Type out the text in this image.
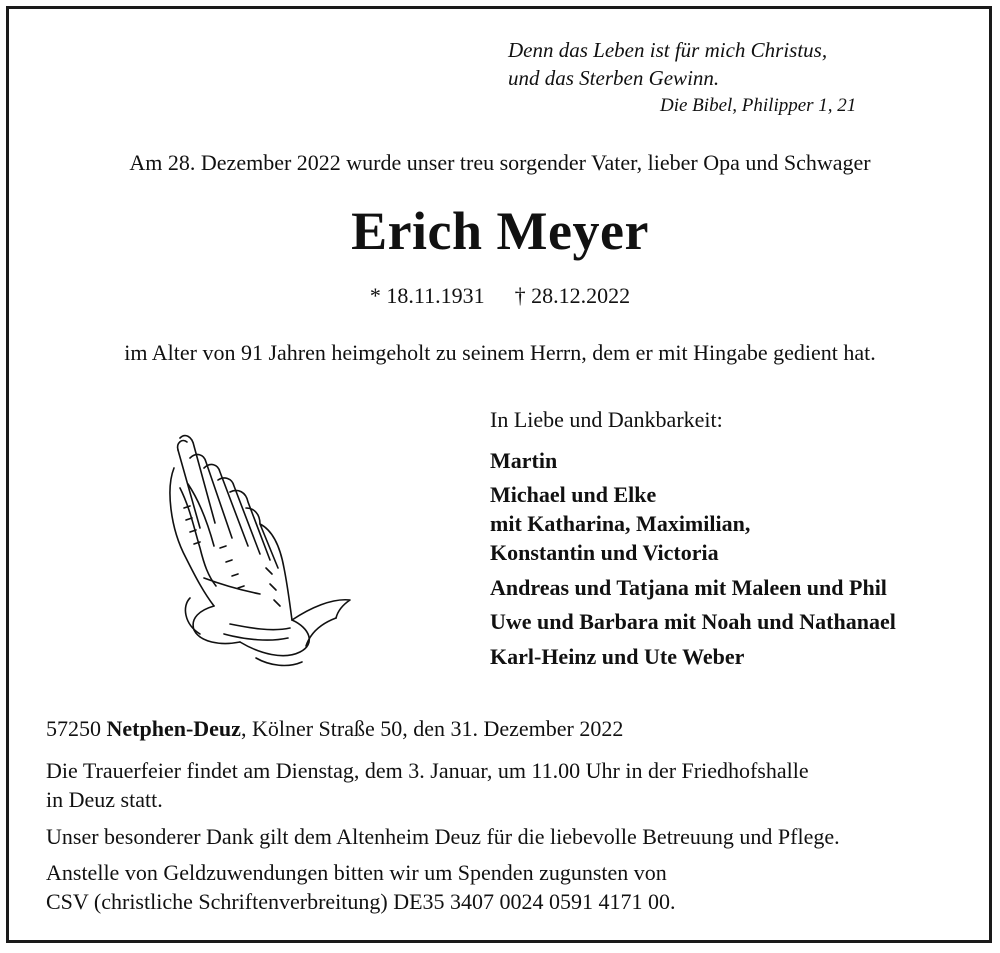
Denn das Leben ist für mich Christus,
und das Sterben Gewinn.
Die Bibel, Philipper 1, 21
Am 28. Dezember 2022 wurde unser treu sorgender Vater, lieber Opa und Schwager
Erich Meyer
* 18.11.1931 † 28.12.2022
im Alter von 91 Jahren heimgeholt zu seinem Herrn, dem er mit Hingabe gedient hat.
In Liebe und Dankbarkeit:
Martin
Michael und Elke
mit Katharina, Maximilian,
Konstantin und Victoria
Andreas und Tatjana mit Maleen und Phil
Uwe und Barbara mit Noah und Nathanael
Karl-Heinz und Ute Weber
57250 Netphen-Deuz, Kölner Straße 50, den 31. Dezember 2022
Die Trauerfeier findet am Dienstag, dem 3. Januar, um 11.00 Uhr in der Friedhofshalle
in Deuz statt.
Unser besonderer Dank gilt dem Altenheim Deuz für die liebevolle Betreuung und Pflege.
Anstelle von Geldzuwendungen bitten wir um Spenden zugunsten von
CSV (christliche Schriftenverbreitung) DE35 3407 0024 0591 4171 00.
